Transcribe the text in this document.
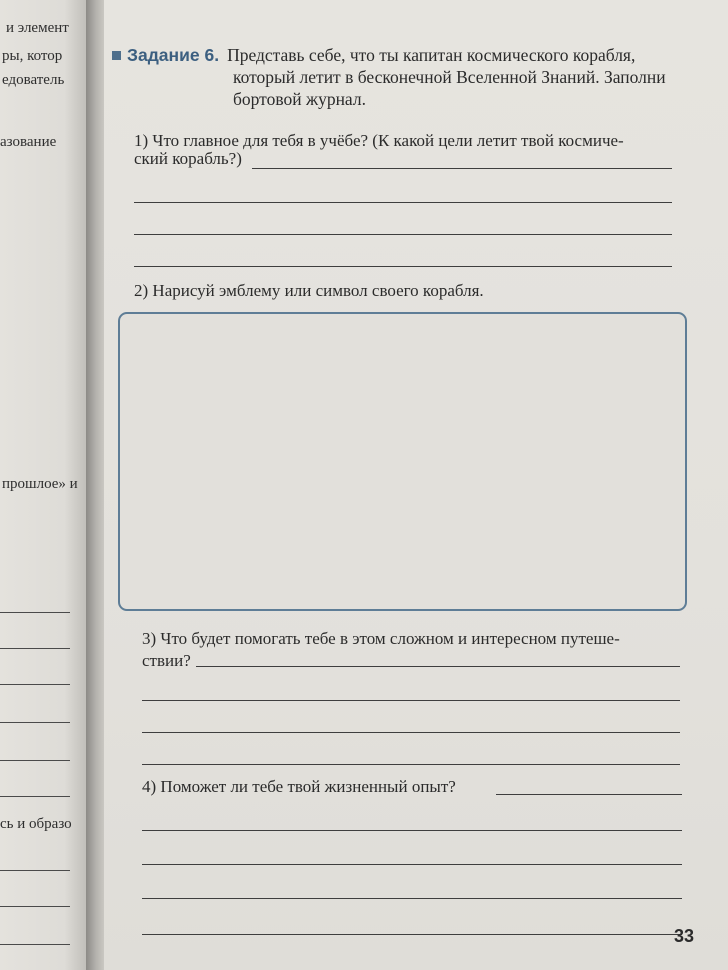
и элемент
ры, котор
едователь
азование
прошлое» и
сь и образо
Задание 6. Представь себе, что ты капитан космического корабля,
который летит в бесконечной Вселенной Знаний. Заполни
бортовой журнал.
1) Что главное для тебя в учёбе? (К какой цели летит твой космиче-
ский корабль?)
2) Нарисуй эмблему или символ своего корабля.
3) Что будет помогать тебе в этом сложном и интересном путеше-
ствии?
4) Поможет ли тебе твой жизненный опыт?
33
